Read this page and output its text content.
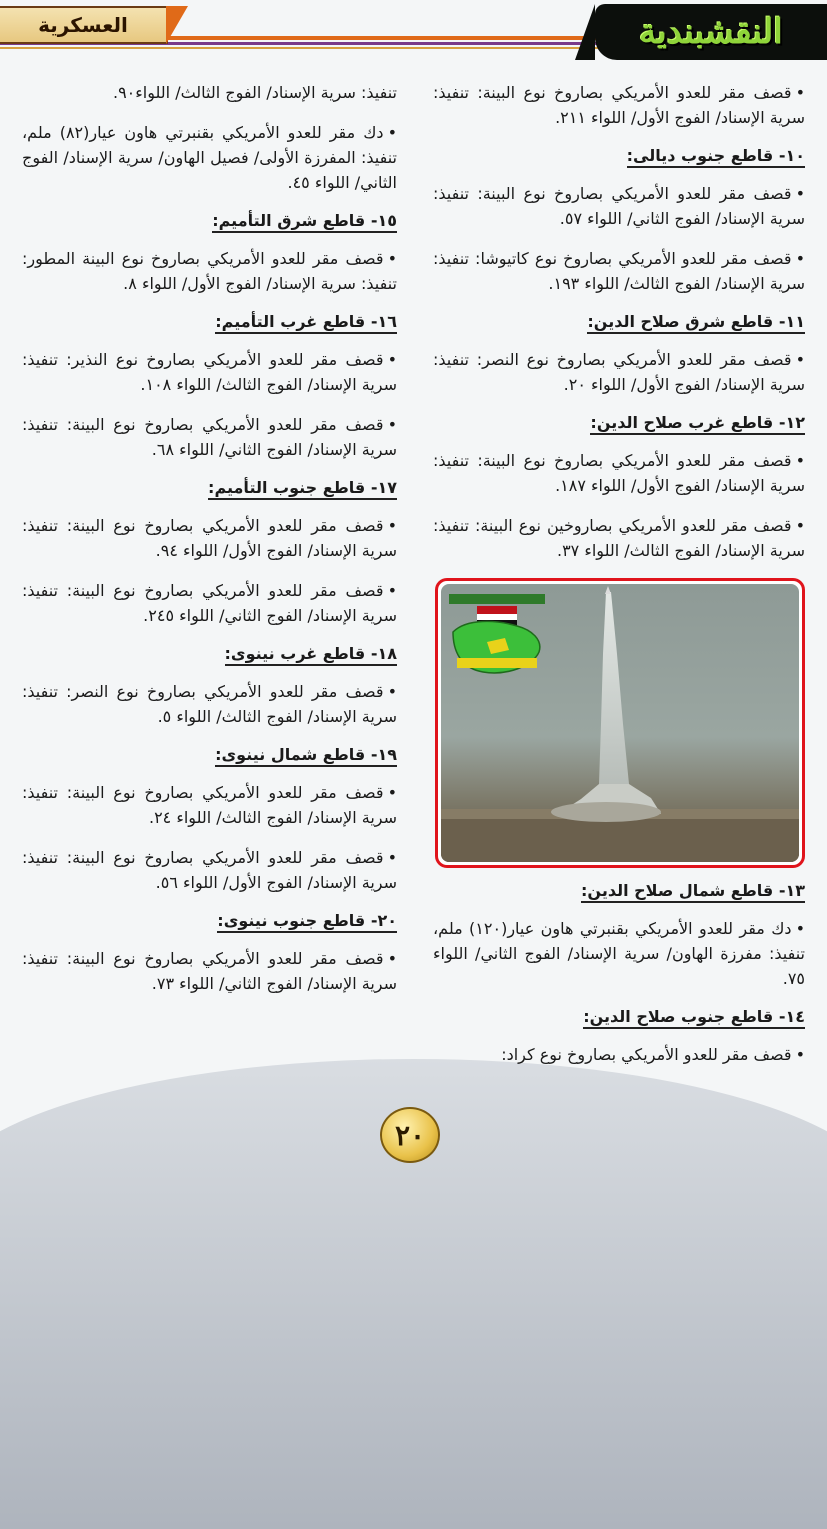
العسكرية	النقشبندية
•قصف مقر للعدو الأمريكي بصاروخ نوع البينة: تنفيذ: سرية الإسناد/ الفوج الأول/ اللواء ٢١١.
١٠- قاطع جنوب ديالى:
•قصف مقر للعدو الأمريكي بصاروخ نوع البينة: تنفيذ: سرية الإسناد/ الفوج الثاني/ اللواء ٥٧.
•قصف مقر للعدو الأمريكي بصاروخ نوع كاتيوشا: تنفيذ: سرية الإسناد/ الفوج الثالث/ اللواء ١٩٣.
١١- قاطع شرق صلاح الدين:
•قصف مقر للعدو الأمريكي بصاروخ نوع النصر: تنفيذ: سرية الإسناد/ الفوج الأول/ اللواء ٢٠.
١٢- قاطع غرب صلاح الدين:
•قصف مقر للعدو الأمريكي بصاروخ نوع البينة: تنفيذ: سرية الإسناد/ الفوج الأول/ اللواء ١٨٧.
•قصف مقر للعدو الأمريكي بصاروخين نوع البينة: تنفيذ: سرية الإسناد/ الفوج الثالث/ اللواء ٣٧.
١٣- قاطع شمال صلاح الدين:
•دك مقر للعدو الأمريكي بقنبرتي هاون عيار(١٢٠) ملم، تنفيذ: مفرزة الهاون/ سرية الإسناد/ الفوج الثاني/ اللواء ٧٥.
١٤- قاطع جنوب صلاح الدين:
•قصف مقر للعدو الأمريكي بصاروخ نوع كراد:
تنفيذ: سرية الإسناد/ الفوج الثالث/ اللواء٩٠.
•دك مقر للعدو الأمريكي بقنبرتي هاون عيار(٨٢) ملم، تنفيذ: المفرزة الأولى/ فصيل الهاون/ سرية الإسناد/ الفوج الثاني/ اللواء ٤٥.
١٥- قاطع شرق التأميم:
•قصف مقر للعدو الأمريكي بصاروخ نوع البينة المطور: تنفيذ: سرية الإسناد/ الفوج الأول/ اللواء ٨.
١٦- قاطع غرب التأميم:
•قصف مقر للعدو الأمريكي بصاروخ نوع النذير: تنفيذ: سرية الإسناد/ الفوج الثالث/ اللواء ١٠٨.
•قصف مقر للعدو الأمريكي بصاروخ نوع البينة: تنفيذ: سرية الإسناد/ الفوج الثاني/ اللواء ٦٨.
١٧- قاطع جنوب التأميم:
•قصف مقر للعدو الأمريكي بصاروخ نوع البينة: تنفيذ: سرية الإسناد/ الفوج الأول/ اللواء ٩٤.
•قصف مقر للعدو الأمريكي بصاروخ نوع البينة: تنفيذ: سرية الإسناد/ الفوج الثاني/ اللواء ٢٤٥.
١٨- قاطع غرب نينوى:
•قصف مقر للعدو الأمريكي بصاروخ نوع النصر: تنفيذ: سرية الإسناد/ الفوج الثالث/ اللواء ٥.
١٩- قاطع شمال نينوى:
•قصف مقر للعدو الأمريكي بصاروخ نوع البينة: تنفيذ: سرية الإسناد/ الفوج الثالث/ اللواء ٢٤.
•قصف مقر للعدو الأمريكي بصاروخ نوع البينة: تنفيذ: سرية الإسناد/ الفوج الأول/ اللواء ٥٦.
٢٠- قاطع جنوب نينوى:
•قصف مقر للعدو الأمريكي بصاروخ نوع البينة: تنفيذ: سرية الإسناد/ الفوج الثاني/ اللواء ٧٣.
٢٠
